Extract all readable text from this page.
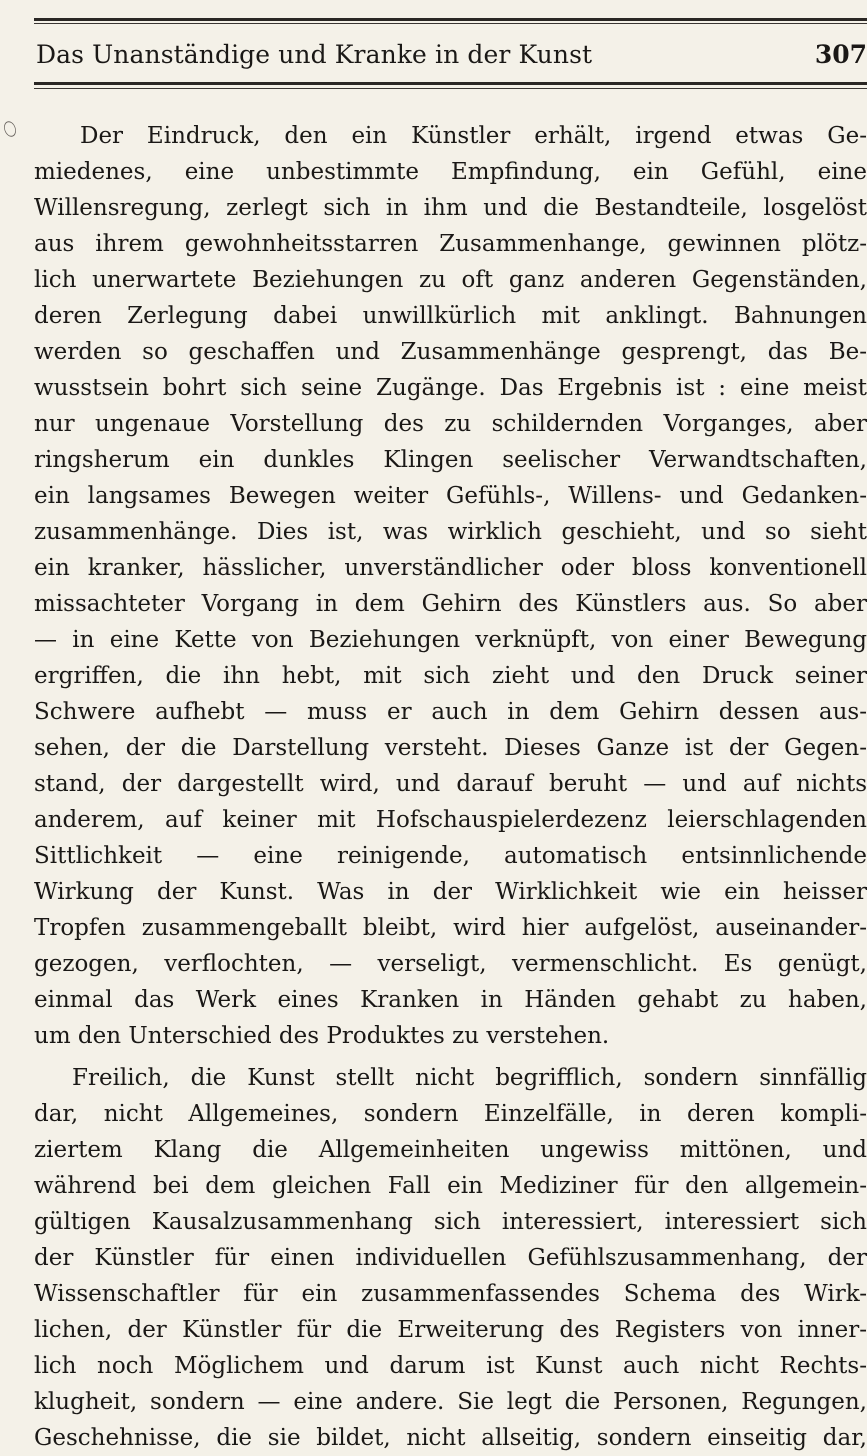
Das Unanständige und Kranke in der Kunst	307
Der Eindruck, den ein Künstler erhält, irgend etwas Ge-
miedenes, eine unbestimmte Empfindung, ein Gefühl, eine
Willensregung, zerlegt sich in ihm und die Bestandteile, losgelöst
aus ihrem gewohnheitsstarren Zusammenhange, gewinnen plötz-
lich unerwartete Beziehungen zu oft ganz anderen Gegenständen,
deren Zerlegung dabei unwillkürlich mit anklingt. Bahnungen
werden so geschaffen und Zusammenhänge gesprengt, das Be-
wusstsein bohrt sich seine Zugänge. Das Ergebnis ist : eine meist
nur ungenaue Vorstellung des zu schildernden Vorganges, aber
ringsherum ein dunkles Klingen seelischer Verwandtschaften,
ein langsames Bewegen weiter Gefühls-, Willens- und Gedanken-
zusammenhänge. Dies ist, was wirklich geschieht, und so sieht
ein kranker, hässlicher, unverständlicher oder bloss konventionell
missachteter Vorgang in dem Gehirn des Künstlers aus. So aber
— in eine Kette von Beziehungen verknüpft, von einer Bewegung
ergriffen, die ihn hebt, mit sich zieht und den Druck seiner
Schwere aufhebt — muss er auch in dem Gehirn dessen aus-
sehen, der die Darstellung versteht. Dieses Ganze ist der Gegen-
stand, der dargestellt wird, und darauf beruht — und auf nichts
anderem, auf keiner mit Hofschauspielerdezenz leierschlagenden
Sittlichkeit — eine reinigende, automatisch entsinnlichende
Wirkung der Kunst. Was in der Wirklichkeit wie ein heisser
Tropfen zusammengeballt bleibt, wird hier aufgelöst, auseinander-
gezogen, verflochten, — verseligt, vermenschlicht. Es genügt,
einmal das Werk eines Kranken in Händen gehabt zu haben,
um den Unterschied des Produktes zu verstehen.
Freilich, die Kunst stellt nicht begrifflich, sondern sinnfällig
dar, nicht Allgemeines, sondern Einzelfälle, in deren kompli-
ziertem Klang die Allgemeinheiten ungewiss mittönen, und
während bei dem gleichen Fall ein Mediziner für den allgemein-
gültigen Kausalzusammenhang sich interessiert, interessiert sich
der Künstler für einen individuellen Gefühlszusammenhang, der
Wissenschaftler für ein zusammenfassendes Schema des Wirk-
lichen, der Künstler für die Erweiterung des Registers von inner-
lich noch Möglichem und darum ist Kunst auch nicht Rechts-
klugheit, sondern — eine andere. Sie legt die Personen, Regungen,
Geschehnisse, die sie bildet, nicht allseitig, sondern einseitig dar,
